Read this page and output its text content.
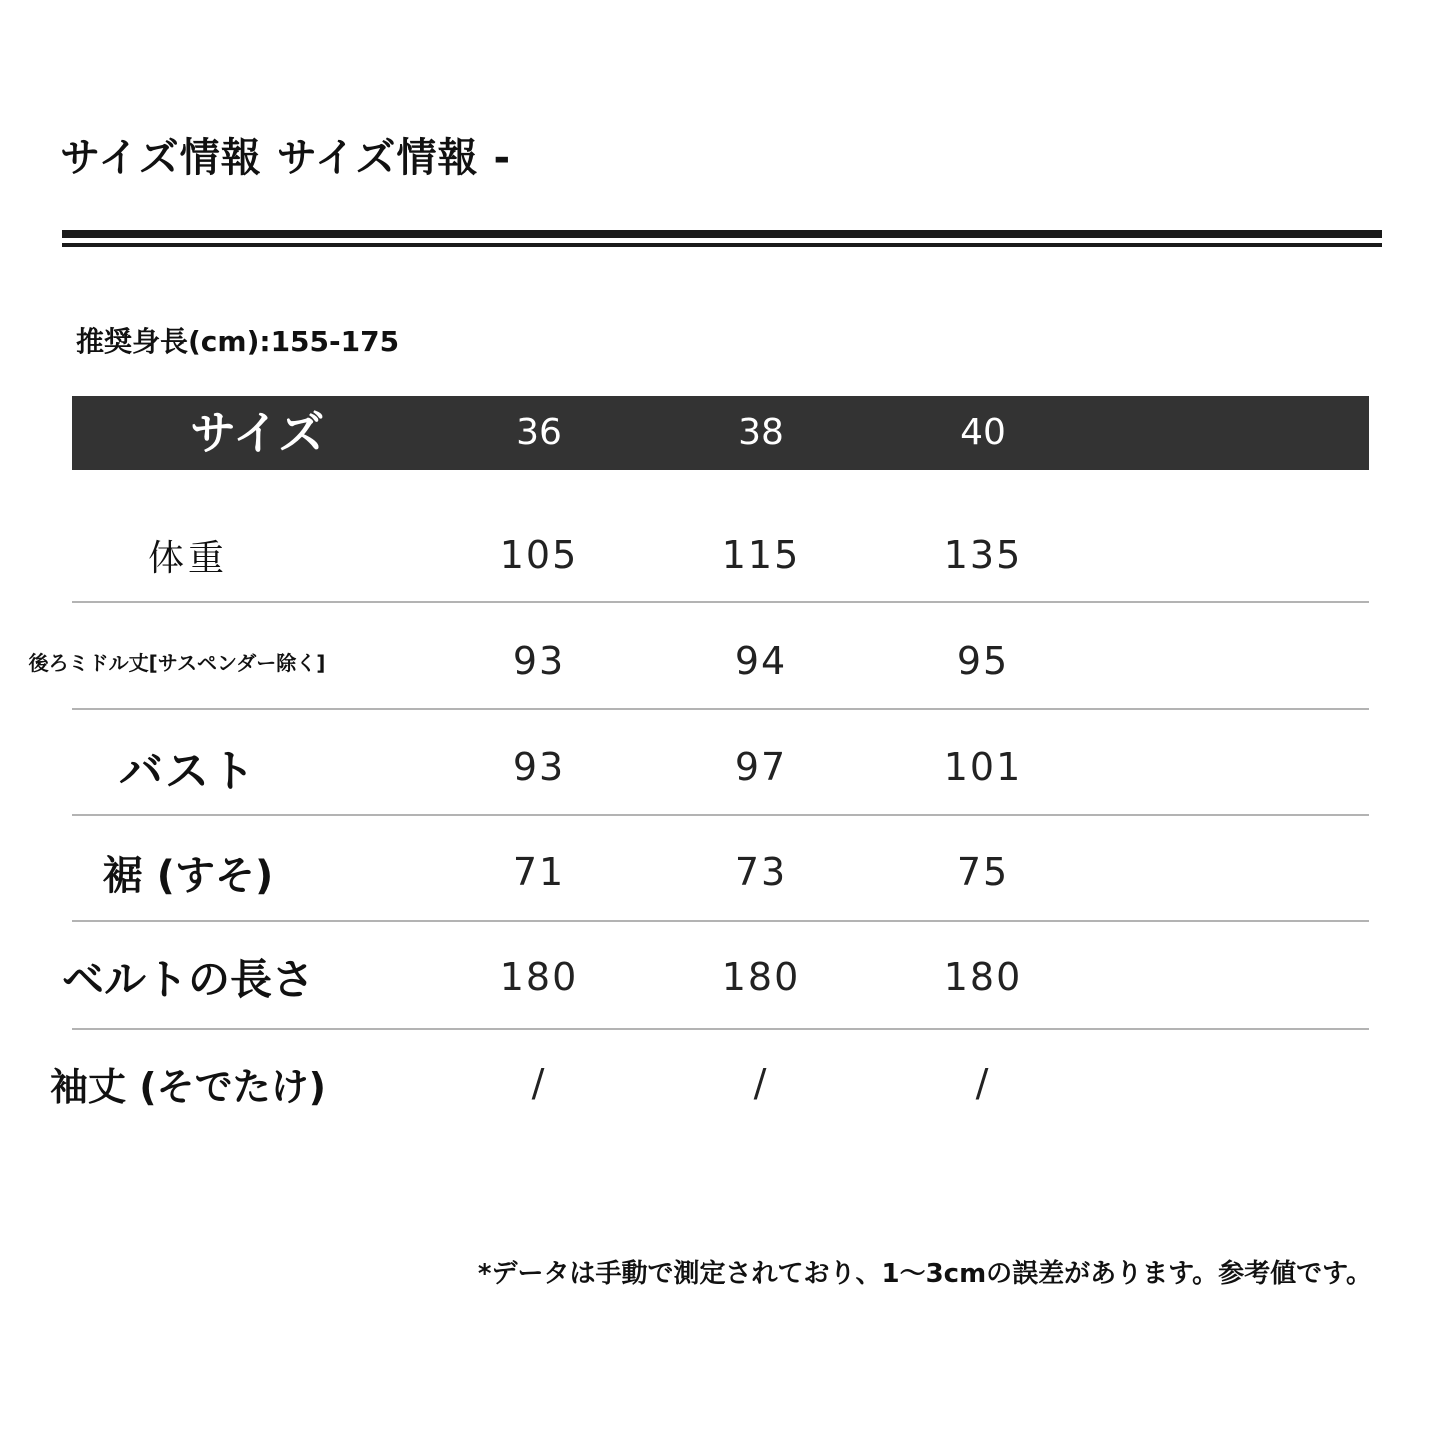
サイズ情報 サイズ情報 -
推奨身長(cm):155-175
サイズ	36	38	40
体重	105	115	135
後ろミドル丈[サスペンダー除く]	93	94	95
バスト	93	97	101
裾 (すそ)	71	73	75
ベルトの長さ	180	180	180
袖丈 (そでたけ)	/	/	/
*データは手動で測定されており、1～3cmの誤差があります。参考値です。
